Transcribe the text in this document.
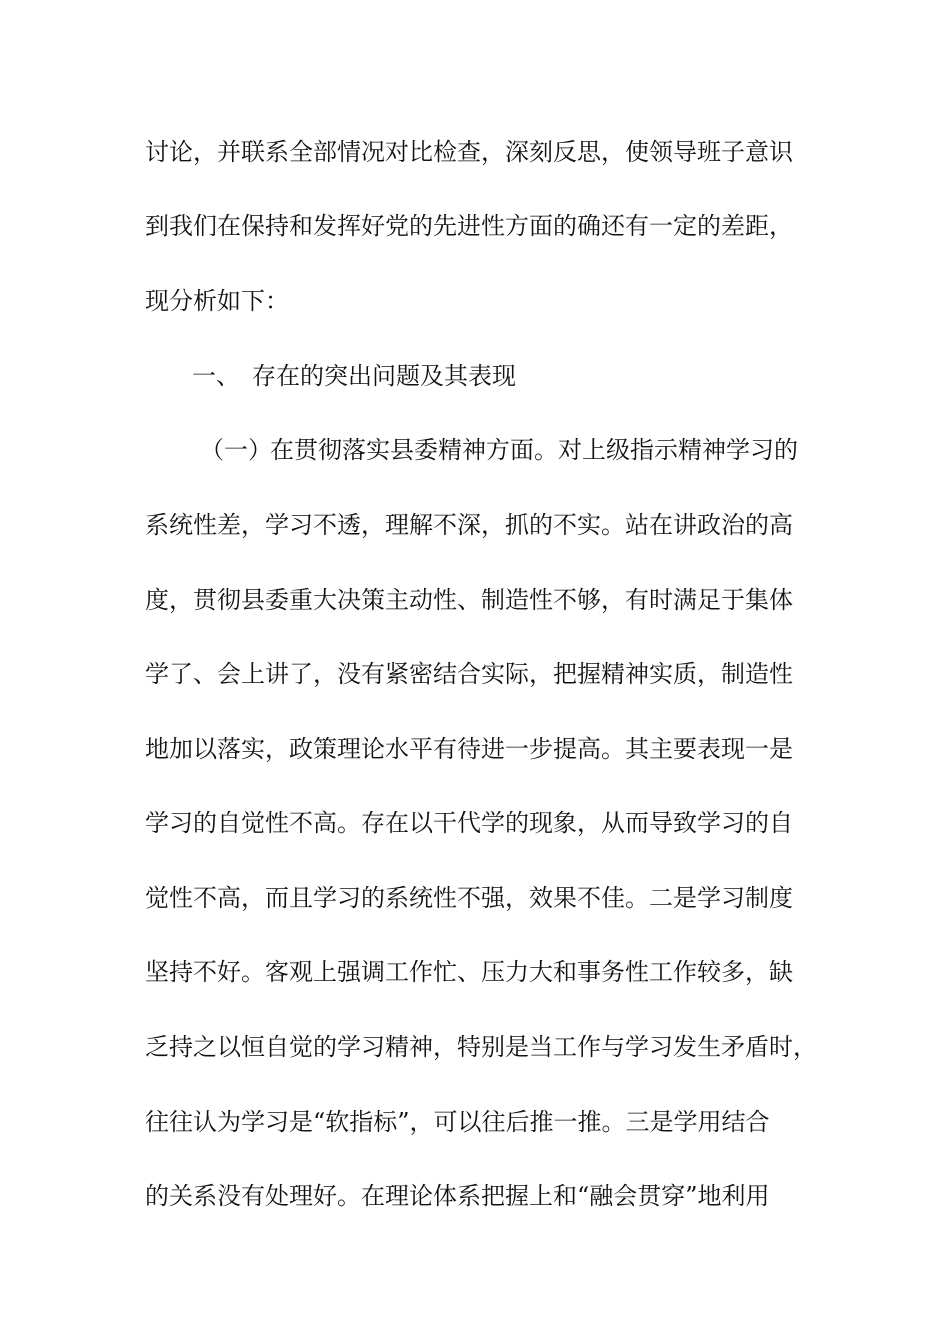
讨论，并联系全部情况对比检查，深刻反思，使领导班子意识
到我们在保持和发挥好党的先进性方面的确还有一定的差距，
现分析如下：
一、 存在的突出问题及其表现
（一）在贯彻落实县委精神方面。对上级指示精神学习的
系统性差，学习不透，理解不深，抓的不实。站在讲政治的高
度，贯彻县委重大决策主动性、制造性不够，有时满足于集体
学了、会上讲了，没有紧密结合实际，把握精神实质，制造性
地加以落实，政策理论水平有待进一步提高。其主要表现一是
学习的自觉性不高。存在以干代学的现象，从而导致学习的自
觉性不高，而且学习的系统性不强，效果不佳。二是学习制度
坚持不好。客观上强调工作忙、压力大和事务性工作较多，缺
乏持之以恒自觉的学习精神，特别是当工作与学习发生矛盾时，
往往认为学习是“软指标”，可以往后推一推。三是学用结合
的关系没有处理好。在理论体系把握上和“融会贯穿”地利用
